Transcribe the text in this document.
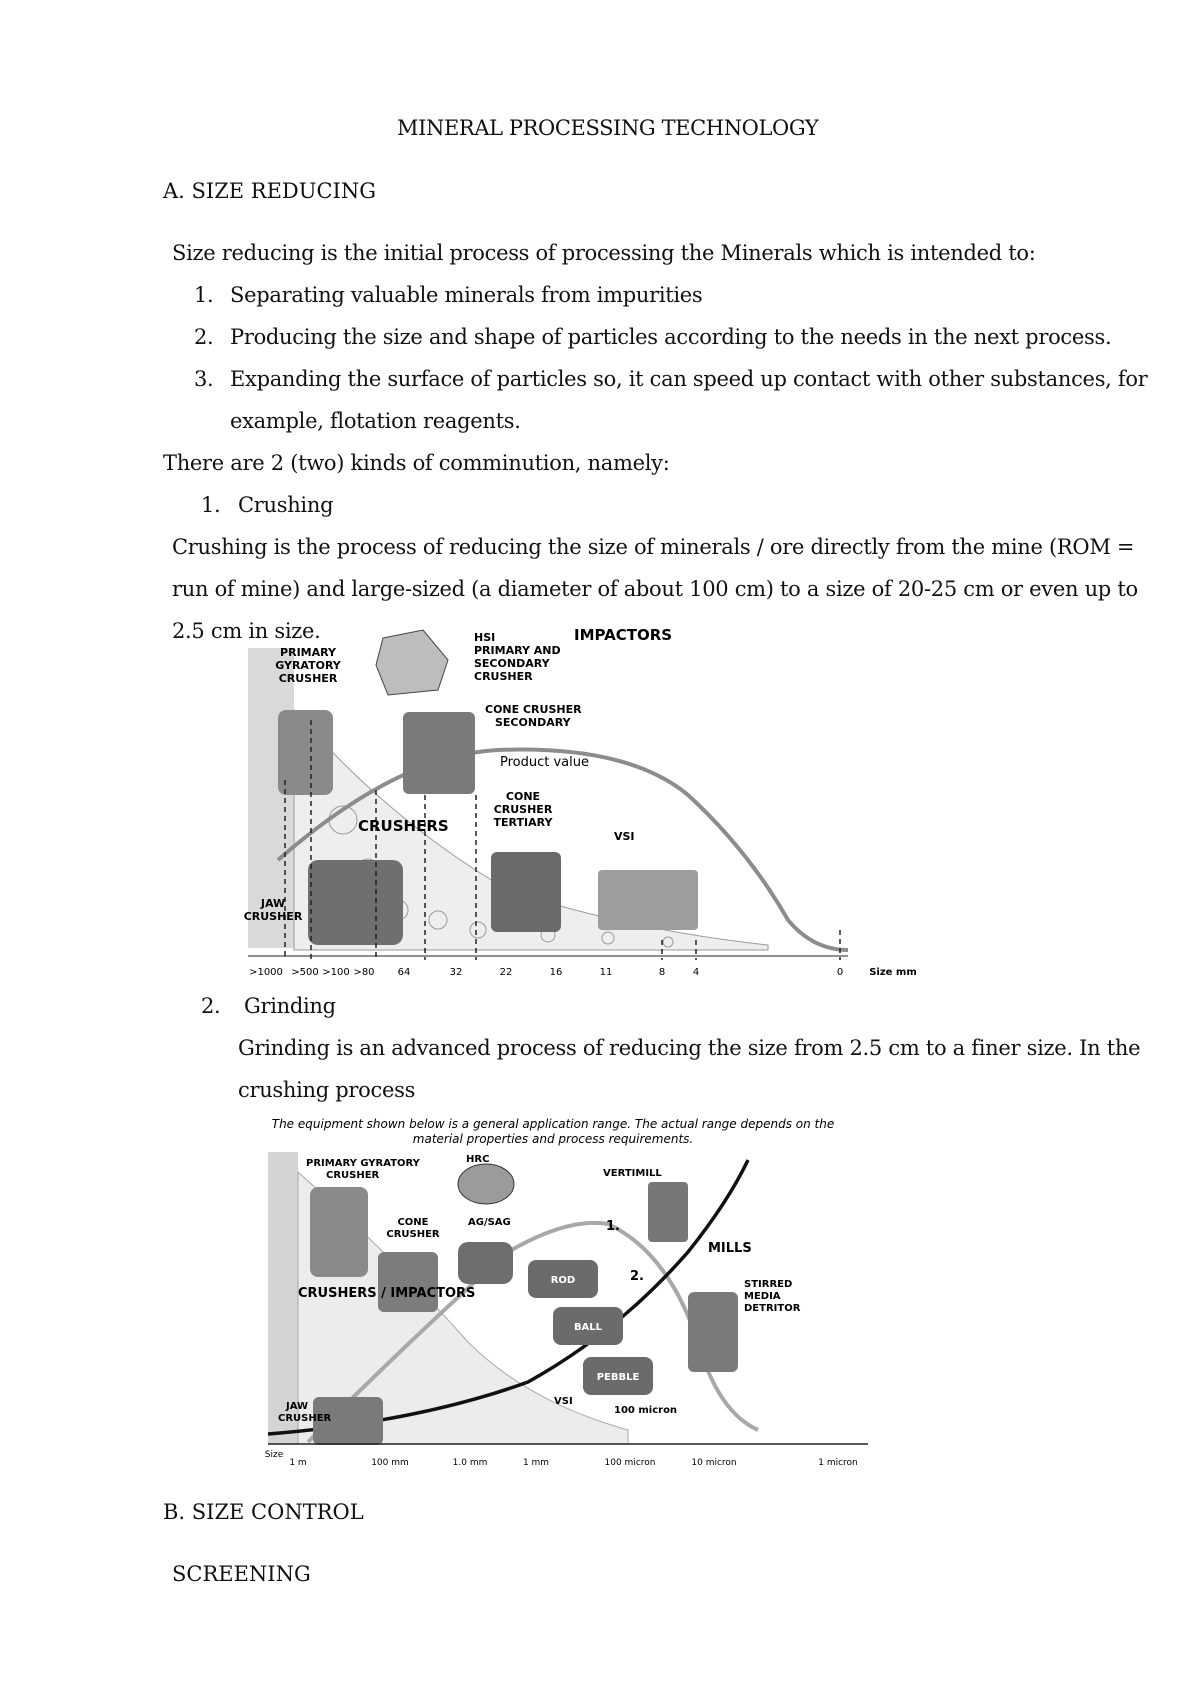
MINERAL PROCESSING TECHNOLOGY
A. SIZE REDUCING
Size reducing is the initial process of processing the Minerals which is intended to:
1. Separating valuable minerals from impurities
2. Producing the size and shape of particles according to the needs in the next process.
3. Expanding the surface of particles so, it can speed up contact with other substances, for
example, flotation reagents.
There are 2 (two) kinds of comminution, namely:
1. Crushing
Crushing is the process of reducing the size of minerals / ore directly from the mine (ROM =
run of mine) and large-sized (a diameter of about 100 cm) to a size of 20-25 cm or even up to
2.5 cm in size.
PRIMARY
GYRATORY
CRUSHER
HSI
PRIMARY AND
SECONDARY
CRUSHER
IMPACTORS
CONE CRUSHER
SECONDARY
Product value
CRUSHERS
CONE
CRUSHER
TERTIARY
VSI
JAW
CRUSHER
>1000 >500 >100 >80 64	32	22	16	11	8	4	0	Size mm
2. Grinding
Grinding is an advanced process of reducing the size from 2.5 cm to a finer size. In the
crushing process
The equipment shown below is a general application range. The actual range depends on the
material properties and process requirements.
PRIMARY GYRATORY
CRUSHER
HRC
VERTIMILL
CONE
CRUSHER
AG/SAG	1.
MILLS
2.
CRUSHERS / IMPACTORS
ROD	STIRRED
MEDIA
DETRITOR
BALL
PEBBLE
JAW
CRUSHER
VSI
100 micron
Size
1 m	100 mm	1.0 mm	1 mm	100 micron	10 micron	1 micron
B. SIZE CONTROL
SCREENING
